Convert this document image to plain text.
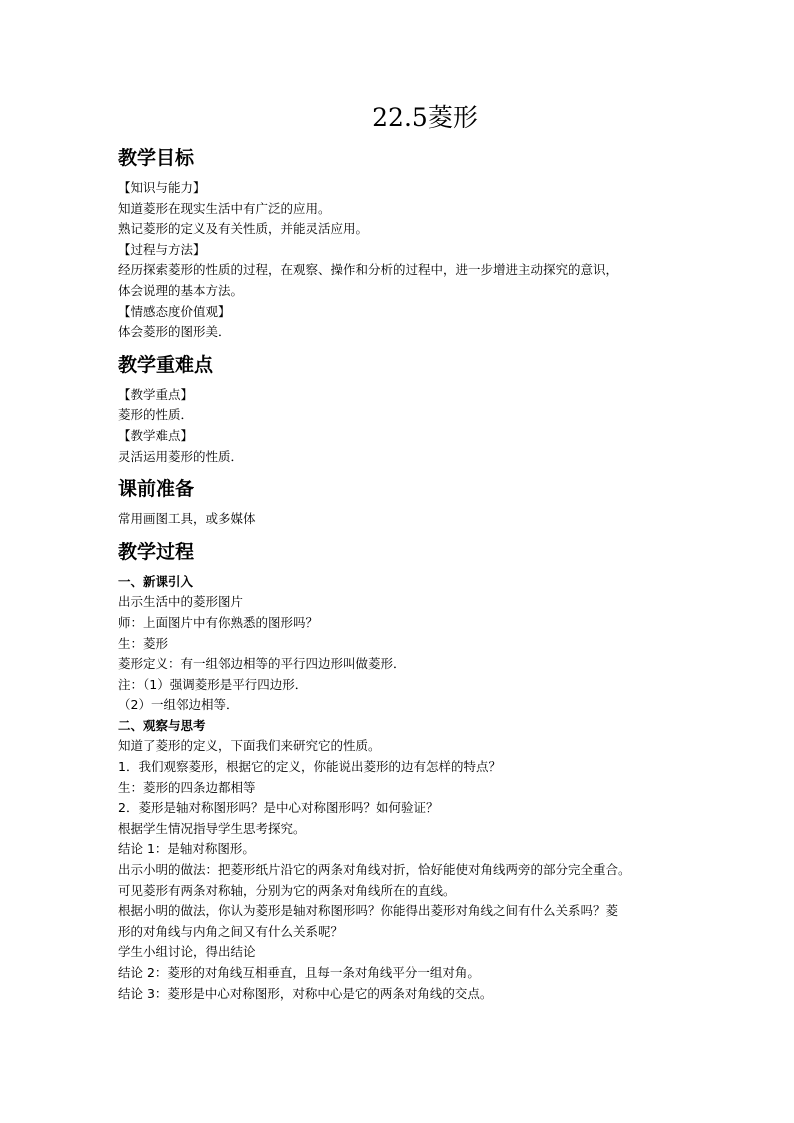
22.5菱形
教学目标
【知识与能力】
知道菱形在现实生活中有广泛的应用。
熟记菱形的定义及有关性质，并能灵活应用。
【过程与方法】
经历探索菱形的性质的过程，在观察、操作和分析的过程中，进一步增进主动探究的意识，
体会说理的基本方法。
【情感态度价值观】
体会菱形的图形美．
教学重难点
【教学重点】
菱形的性质．
【教学难点】
灵活运用菱形的性质．
课前准备
常用画图工具，或多媒体
教学过程
一、新课引入
出示生活中的菱形图片
师：上面图片中有你熟悉的图形吗？
生：菱形
菱形定义：有一组邻边相等的平行四边形叫做菱形．
注：（1）强调菱形是平行四边形．
（2）一组邻边相等．
二、观察与思考
知道了菱形的定义，下面我们来研究它的性质。
1．我们观察菱形，根据它的定义，你能说出菱形的边有怎样的特点？
生：菱形的四条边都相等
2．菱形是轴对称图形吗？是中心对称图形吗？如何验证？
根据学生情况指导学生思考探究。
结论 1：是轴对称图形。
出示小明的做法：把菱形纸片沿它的两条对角线对折，恰好能使对角线两旁的部分完全重合。
可见菱形有两条对称轴，分别为它的两条对角线所在的直线。
根据小明的做法，你认为菱形是轴对称图形吗？你能得出菱形对角线之间有什么关系吗？菱
形的对角线与内角之间又有什么关系呢？
学生小组讨论，得出结论
结论 2：菱形的对角线互相垂直，且每一条对角线平分一组对角。
结论 3：菱形是中心对称图形，对称中心是它的两条对角线的交点。
